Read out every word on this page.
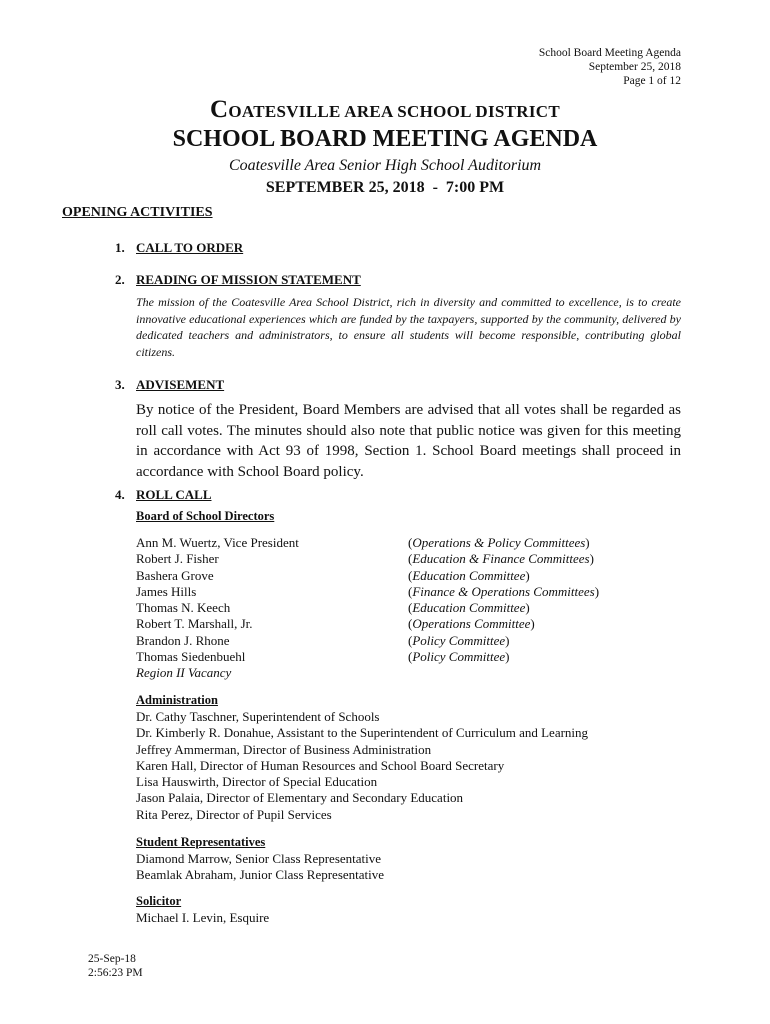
School Board Meeting Agenda
September 25, 2018
Page 1 of 12
COATESVILLE AREA SCHOOL DISTRICT
SCHOOL BOARD MEETING AGENDA
Coatesville Area Senior High School Auditorium
SEPTEMBER 25, 2018  -  7:00 PM
OPENING ACTIVITIES
1. CALL TO ORDER
2. READING OF MISSION STATEMENT
The mission of the Coatesville Area School District, rich in diversity and committed to excellence, is to create innovative educational experiences which are funded by the taxpayers, supported by the community, delivered by dedicated teachers and administrators, to ensure all students will become responsible, contributing global citizens.
3. ADVISEMENT
By notice of the President, Board Members are advised that all votes shall be regarded as roll call votes. The minutes should also note that public notice was given for this meeting in accordance with Act 93 of 1998, Section 1. School Board meetings shall proceed in accordance with School Board policy.
4. ROLL CALL
Board of School Directors
Ann M. Wuertz, Vice President	(Operations & Policy Committees)
Robert J. Fisher	(Education & Finance Committees)
Bashera Grove	(Education Committee)
James Hills	(Finance & Operations Committees)
Thomas N. Keech	(Education Committee)
Robert T. Marshall, Jr.	(Operations Committee)
Brandon J. Rhone	(Policy Committee)
Thomas Siedenbuehl	(Policy Committee)
Region II Vacancy
Administration
Dr. Cathy Taschner, Superintendent of Schools
Dr. Kimberly R. Donahue, Assistant to the Superintendent of Curriculum and Learning
Jeffrey Ammerman, Director of Business Administration
Karen Hall, Director of Human Resources and School Board Secretary
Lisa Hauswirth, Director of Special Education
Jason Palaia, Director of Elementary and Secondary Education
Rita Perez, Director of Pupil Services
Student Representatives
Diamond Marrow, Senior Class Representative
Beamlak Abraham, Junior Class Representative
Solicitor
Michael I. Levin, Esquire
25-Sep-18
2:56:23 PM
